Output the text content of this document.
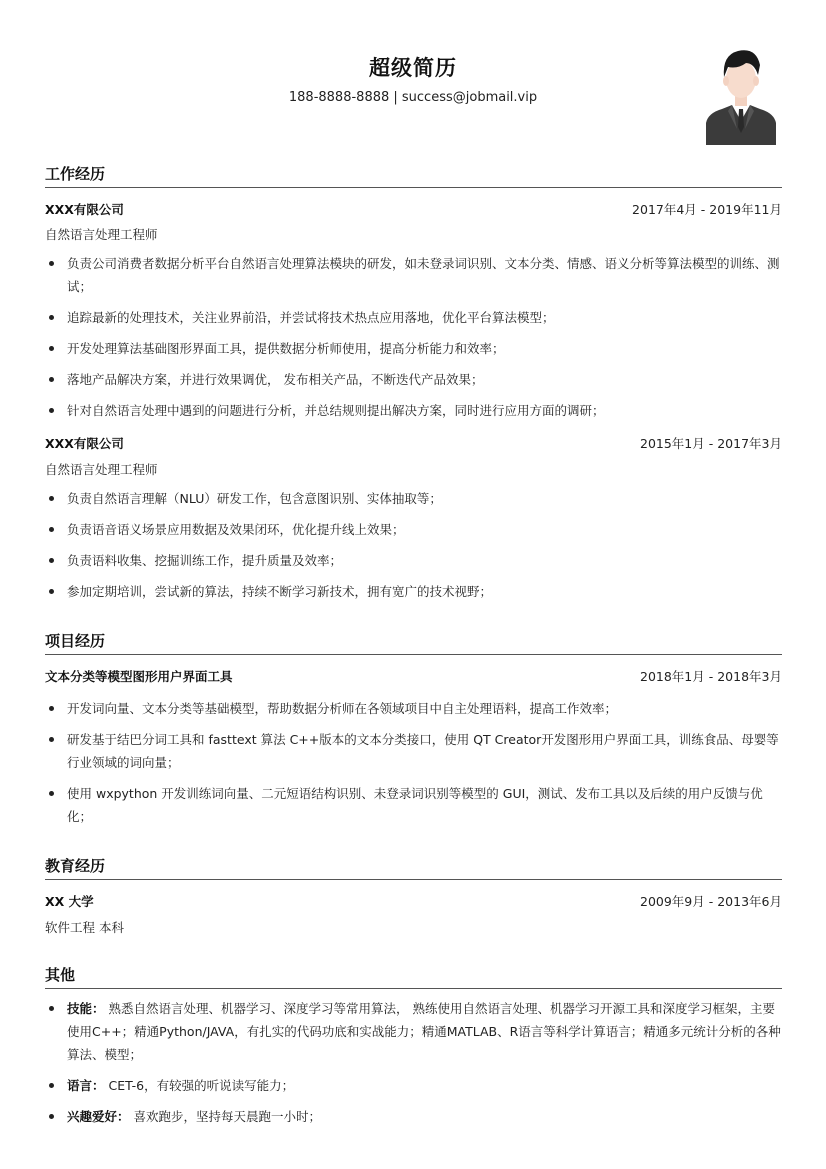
超级简历
188-8888-8888 | success@jobmail.vip
工作经历
XXX有限公司	2017年4月 - 2019年11月
自然语言处理工程师
负责公司消费者数据分析平台自然语言处理算法模块的研发，如未登录词识别、文本分类、情感、语义分析等算法模型的训练、测试；
追踪最新的处理技术，关注业界前沿，并尝试将技术热点应用落地，优化平台算法模型；
开发处理算法基础图形界面工具，提供数据分析师使用，提高分析能力和效率；
落地产品解决方案，并进行效果调优， 发布相关产品，不断迭代产品效果；
针对自然语言处理中遇到的问题进行分析，并总结规则提出解决方案，同时进行应用方面的调研；
XXX有限公司	2015年1月 - 2017年3月
自然语言处理工程师
负责自然语言理解（NLU）研发工作，包含意图识别、实体抽取等；
负责语音语义场景应用数据及效果闭环，优化提升线上效果；
负责语料收集、挖掘训练工作，提升质量及效率；
参加定期培训，尝试新的算法，持续不断学习新技术，拥有宽广的技术视野；
项目经历
文本分类等模型图形用户界面工具	2018年1月 - 2018年3月
开发词向量、文本分类等基础模型，帮助数据分析师在各领域项目中自主处理语料，提高工作效率；
研发基于结巴分词工具和 fasttext 算法 C++版本的文本分类接口，使用 QT Creator开发图形用户界面工具，训练食品、母婴等行业领域的词向量；
使用 wxpython 开发训练词向量、二元短语结构识别、未登录词识别等模型的 GUI，测试、发布工具以及后续的用户反馈与优化；
教育经历
XX 大学	2009年9月 - 2013年6月
软件工程 本科
其他
技能： 熟悉自然语言处理、机器学习、深度学习等常用算法， 熟练使用自然语言处理、机器学习开源工具和深度学习框架，主要使用C++；精通Python/JAVA，有扎实的代码功底和实战能力；精通MATLAB、R语言等科学计算语言；精通多元统计分析的各种算法、模型；
语言： CET-6，有较强的听说读写能力；
兴趣爱好： 喜欢跑步，坚持每天晨跑一小时；
